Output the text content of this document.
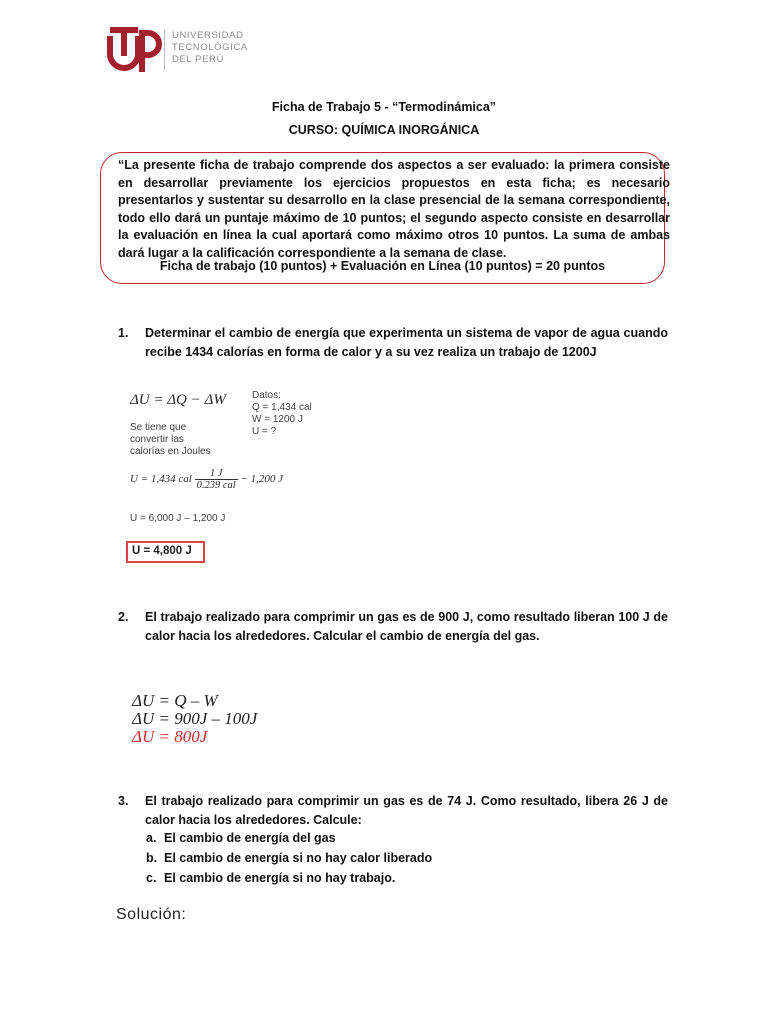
UNIVERSIDAD
TECNOLÓGICA
DEL PERÚ
Ficha de Trabajo 5 - “Termodinámica”
CURSO: QUÍMICA INORGÁNICA
“La presente ficha de trabajo comprende dos aspectos a ser evaluado: la primera consiste en desarrollar previamente los ejercicios propuestos en esta ficha; es necesario presentarlos y sustentar su desarrollo en la clase presencial de la semana correspondiente, todo ello dará un puntaje máximo de 10 puntos; el segundo aspecto consiste en desarrollar la evaluación en línea la cual aportará como máximo otros 10 puntos. La suma de ambas dará lugar a la calificación correspondiente a la semana de clase.
Ficha de trabajo (10 puntos) + Evaluación en Línea (10 puntos) = 20 puntos
1. Determinar el cambio de energía que experimenta un sistema de vapor de agua cuando recibe 1434 calorías en forma de calor y a su vez realiza un trabajo de 1200J
ΔU = ΔQ − ΔW	Datos:
Q = 1,434 cal
W = 1200 J
U = ?
Se tiene que
convertir las
calorías en Joules
U = 1,434 cal $\frac{1 J}{\text{0.239 cal}} - 1,200$ J
U = 6,000 J – 1,200 J
U = 4,800 J
2. El trabajo realizado para comprimir un gas es de 900 J, como resultado liberan 100 J de calor hacia los alrededores. Calcular el cambio de energía del gas.
ΔU = Q – W
ΔU = 900J – 100J
ΔU = 800J
3. El trabajo realizado para comprimir un gas es de 74 J. Como resultado, libera 26 J de calor hacia los alrededores. Calcule:
a. El cambio de energía del gas
b. El cambio de energía si no hay calor liberado
c. El cambio de energía si no hay trabajo.
Solución:
